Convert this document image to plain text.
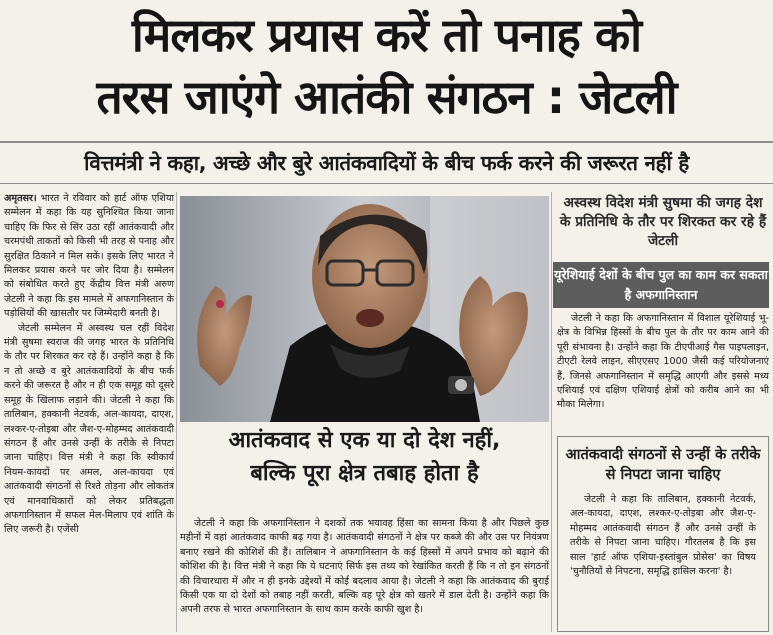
मिलकर प्रयास करें तो पनाह को
तरस जाएंगे आतंकी संगठन : जेटली
वित्तमंत्री ने कहा, अच्छे और बुरे आतंकवादियों के बीच फर्क करने की जरूरत नहीं है

अमृतसर। भारत ने रविवार को हार्ट ऑफ एशिया सम्मेलन में कहा कि यह सुनिश्चित किया जाना चाहिए कि फिर से सिर उठा रहीं आतंकवादी और चरमपंथी ताकतों को किसी भी तरह से पनाह और सुरक्षित ठिकाने न मिल सकें। इसके लिए भारत ने मिलकर प्रयास करने पर जोर दिया है। सम्मेलन को संबोधित करते हुए केंद्रीय वित्त मंत्री अरुण जेटली ने कहा कि इस मामले में अफगानिस्तान के पड़ोसियों की खासतौर पर जिम्मेदारी बनती है।

जेटली सम्मेलन में अस्वस्थ चल रहीं विदेश मंत्री सुषमा स्वराज की जगह भारत के प्रतिनिधि के तौर पर शिरकत कर रहे हैं। उन्होंने कहा है कि न तो अच्छे व बुरे आतंकवादियों के बीच फर्क करने की जरूरत है और न ही एक समूह को दूसरे समूह के खिलाफ लड़ाने की। जेटली ने कहा कि तालिबान, हक्कानी नेटवर्क, अल-कायदा, दाएश, लश्कर-ए-तोइबा और जैश-ए-मोहम्मद आतंकवादी संगठन हैं और उनसे उन्हीं के तरीके से निपटा जाना चाहिए। वित्त मंत्री ने कहा कि स्वीकार्य नियम-कायदों पर अमल, अल-कायदा एवं आतंकवादी संगठनों से रिश्ते तोड़ना और लोकतंत्र एवं मानवाधिकारों को लेकर प्रतिबद्धता अफगानिस्तान में सफल मेल-मिलाप एवं शांति के लिए जरूरी है। एजेंसी

आतंकवाद से एक या दो देश नहीं,
बल्कि पूरा क्षेत्र तबाह होता है

जेटली ने कहा कि अफगानिस्तान ने दशकों तक भयावह हिंसा का सामना किया है और पिछले कुछ महीनों में वहां आतंकवाद काफी बढ़ गया है। आतंकवादी संगठनों ने क्षेत्र पर कब्जे की और उस पर नियंत्रण बनाए रखने की कोशिशें की हैं। तालिबान ने अफगानिस्तान के कई हिस्सों में अपने प्रभाव को बढ़ाने की कोशिश की है। वित्त मंत्री ने कहा कि ये घटनाएं सिर्फ इस तथ्य को रेखांकित करती हैं कि न तो इन संगठनों की विचारधारा में और न ही इनके उद्देश्यों में कोई बदलाव आया है। जेटली ने कहा कि आतंकवाद की बुराई किसी एक या दो देशों को तबाह नहीं करती, बल्कि वह पूरे क्षेत्र को खतरे में डाल देती है। उन्होंने कहा कि अपनी तरफ से भारत अफगानिस्तान के साथ काम करके काफी खुश है।

अस्वस्थ विदेश मंत्री सुषमा की जगह देश के प्रतिनिधि के तौर पर शिरकत कर रहे हैं जेटली
यूरेशियाई देशों के बीच पुल का काम कर सकता है अफगानिस्तान

जेटली ने कहा कि अफगानिस्तान में विशाल यूरेशियाई भू-क्षेत्र के विभिन्न हिस्सों के बीच पुल के तौर पर काम आने की पूरी संभावना है। उन्होंने कहा कि टीएपीआई गैस पाइपलाइन, टीएटी रेलवे लाइन, सीएएसए 1000 जैसी कई परियोजनाएं हैं, जिनसे अफगानिस्तान में समृद्धि आएगी और इससे मध्य एशियाई एवं दक्षिण एशियाई क्षेत्रों को करीब आने का भी मौका मिलेगा।

आतंकवादी संगठनों से उन्हीं के तरीके से निपटा जाना चाहिए

जेटली ने कहा कि तालिबान, हक्कानी नेटवर्क, अल-कायदा, दाएश, लश्कर-ए-तोइबा और जैश-ए-मोहम्मद आतंकवादी संगठन हैं और उनसे उन्हीं के तरीके से निपटा जाना चाहिए। गौरतलब है कि इस साल 'हार्ट ऑफ एशिया-इस्तांबुल प्रोसेस' का विषय 'चुनौतियों से निपटना, समृद्धि हासिल करना' है।
